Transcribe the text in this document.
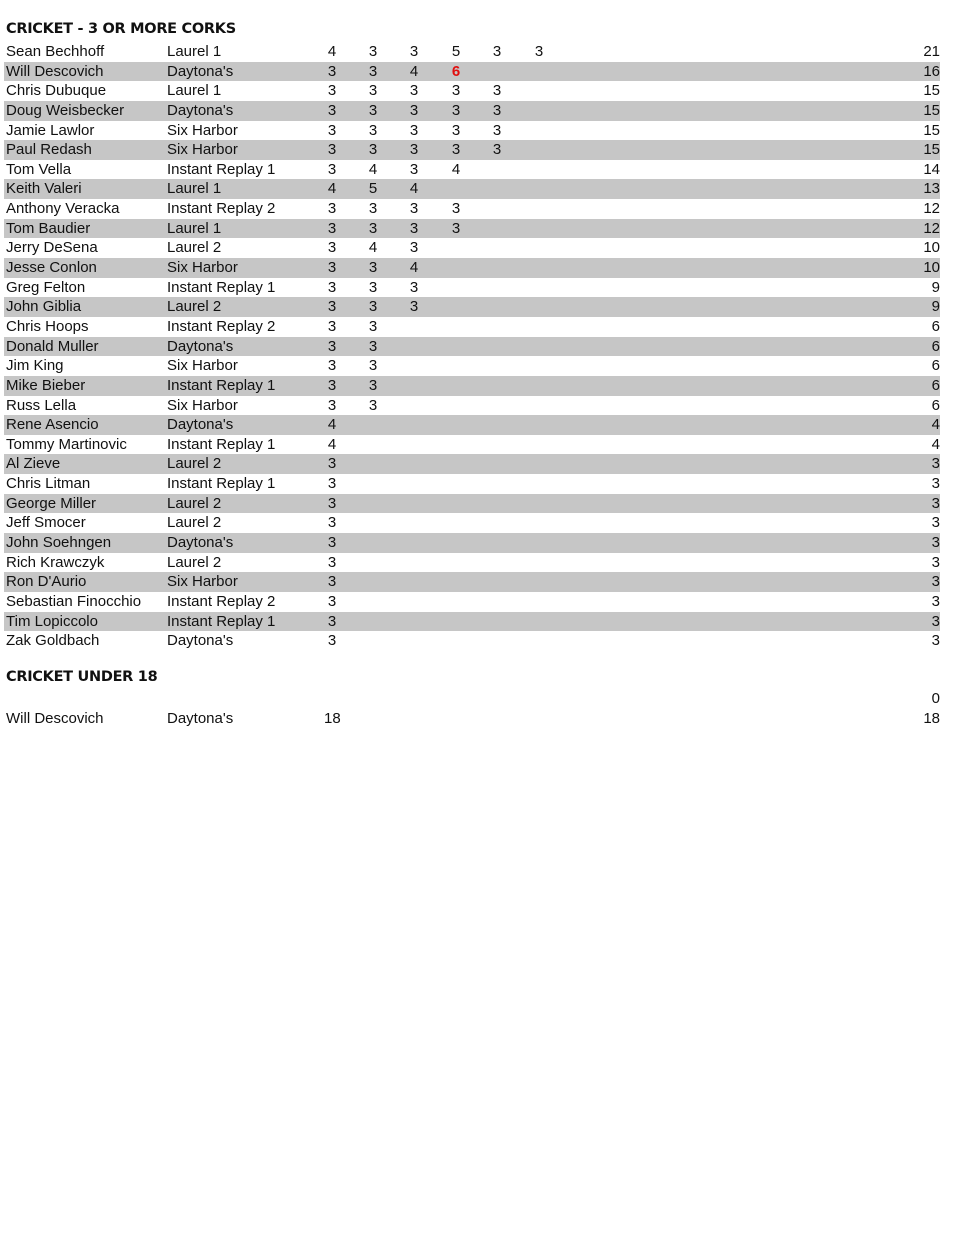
CRICKET - 3 OR MORE CORKS
Sean Bechhoff	Laurel 1	4	3	3	5	3	3	21
Will Descovich	Daytona's	3	3	4	6	16
Chris Dubuque	Laurel 1	3	3	3	3	3	15
Doug Weisbecker	Daytona's	3	3	3	3	3	15
Jamie Lawlor	Six Harbor	3	3	3	3	3	15
Paul Redash	Six Harbor	3	3	3	3	3	15
Tom Vella	Instant Replay 1	3	4	3	4	14
Keith Valeri	Laurel 1	4	5	4	13
Anthony Veracka	Instant Replay 2	3	3	3	3	12
Tom Baudier	Laurel 1	3	3	3	3	12
Jerry DeSena	Laurel 2	3	4	3	10
Jesse Conlon	Six Harbor	3	3	4	10
Greg Felton	Instant Replay 1	3	3	3	9
John Giblia	Laurel 2	3	3	3	9
Chris Hoops	Instant Replay 2	3	3	6
Donald Muller	Daytona's	3	3	6
Jim King	Six Harbor	3	3	6
Mike Bieber	Instant Replay 1	3	3	6
Russ Lella	Six Harbor	3	3	6
Rene Asencio	Daytona's	4	4
Tommy Martinovic	Instant Replay 1	4	4
Al Zieve	Laurel 2	3	3
Chris Litman	Instant Replay 1	3	3
George Miller	Laurel 2	3	3
Jeff Smocer	Laurel 2	3	3
John Soehngen	Daytona's	3	3
Rich Krawczyk	Laurel 2	3	3
Ron D'Aurio	Six Harbor	3	3
Sebastian Finocchio Instant Replay 2	3	3
Tim Lopiccolo	Instant Replay 1	3	3
Zak Goldbach	Daytona's	3	3
CRICKET UNDER 18
0
Will Descovich	Daytona's	18	18
